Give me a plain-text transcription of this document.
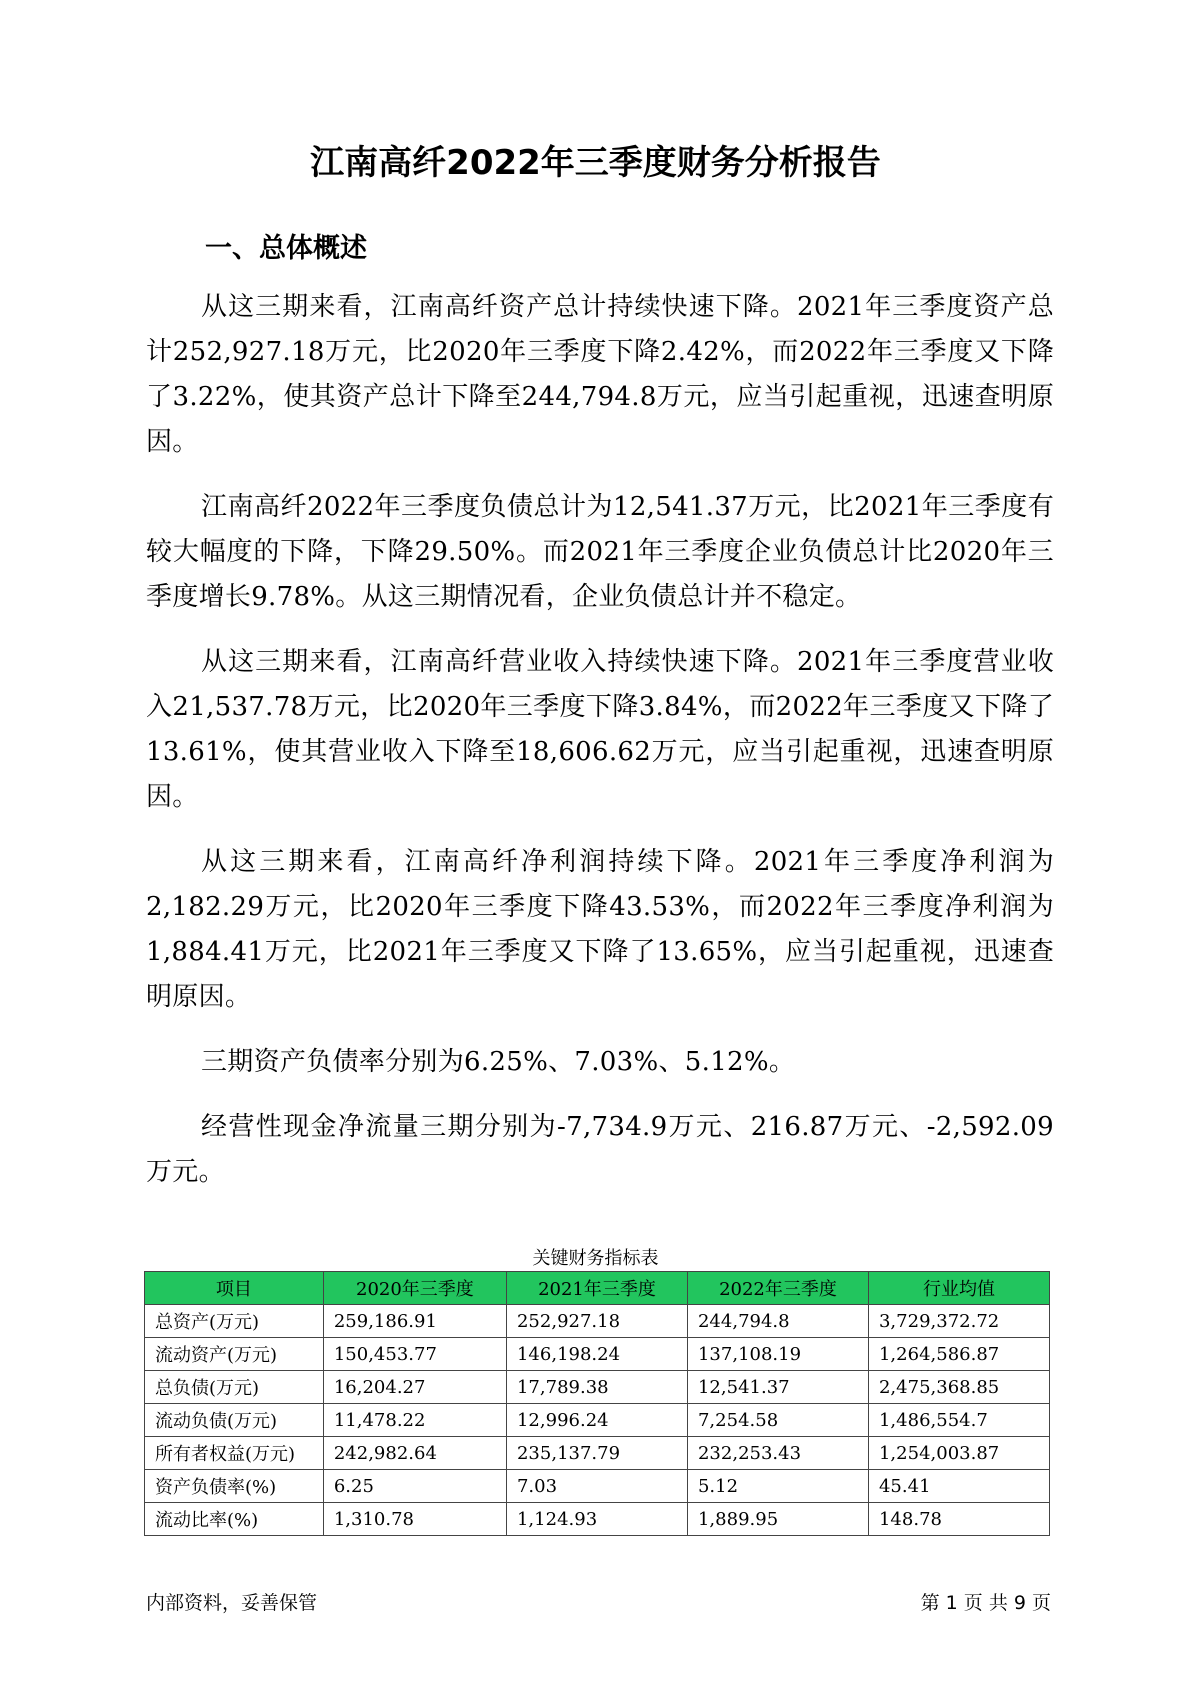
江南高纤2022年三季度财务分析报告
一、总体概述

从这三期来看，江南高纤资产总计持续快速下降。2021年三季度资产总计252,927.18万元，比2020年三季度下降2.42%，而2022年三季度又下降了3.22%，使其资产总计下降至244,794.8万元，应当引起重视，迅速查明原因。

江南高纤2022年三季度负债总计为12,541.37万元，比2021年三季度有较大幅度的下降，下降29.50%。而2021年三季度企业负债总计比2020年三季度增长9.78%。从这三期情况看，企业负债总计并不稳定。

从这三期来看，江南高纤营业收入持续快速下降。2021年三季度营业收入21,537.78万元，比2020年三季度下降3.84%，而2022年三季度又下降了13.61%，使其营业收入下降至18,606.62万元，应当引起重视，迅速查明原因。

从这三期来看，江南高纤净利润持续下降。2021年三季度净利润为2,182.29万元，比2020年三季度下降43.53%，而2022年三季度净利润为1,884.41万元，比2021年三季度又下降了13.65%，应当引起重视，迅速查明原因。

三期资产负债率分别为6.25%、7.03%、5.12%。

经营性现金净流量三期分别为-7,734.9万元、216.87万元、-2,592.09万元。

关键财务指标表
项目	2020年三季度	2021年三季度	2022年三季度	行业均值
总资产(万元)	259,186.91	252,927.18	244,794.8	3,729,372.72
流动资产(万元)	150,453.77	146,198.24	137,108.19	1,264,586.87
总负债(万元)	16,204.27	17,789.38	12,541.37	2,475,368.85
流动负债(万元)	11,478.22	12,996.24	7,254.58	1,486,554.7
所有者权益(万元)	242,982.64	235,137.79	232,253.43	1,254,003.87
资产负债率(%)	6.25	7.03	5.12	45.41
流动比率(%)	1,310.78	1,124.93	1,889.95	148.78
内部资料，妥善保管	第 1 页 共 9 页
